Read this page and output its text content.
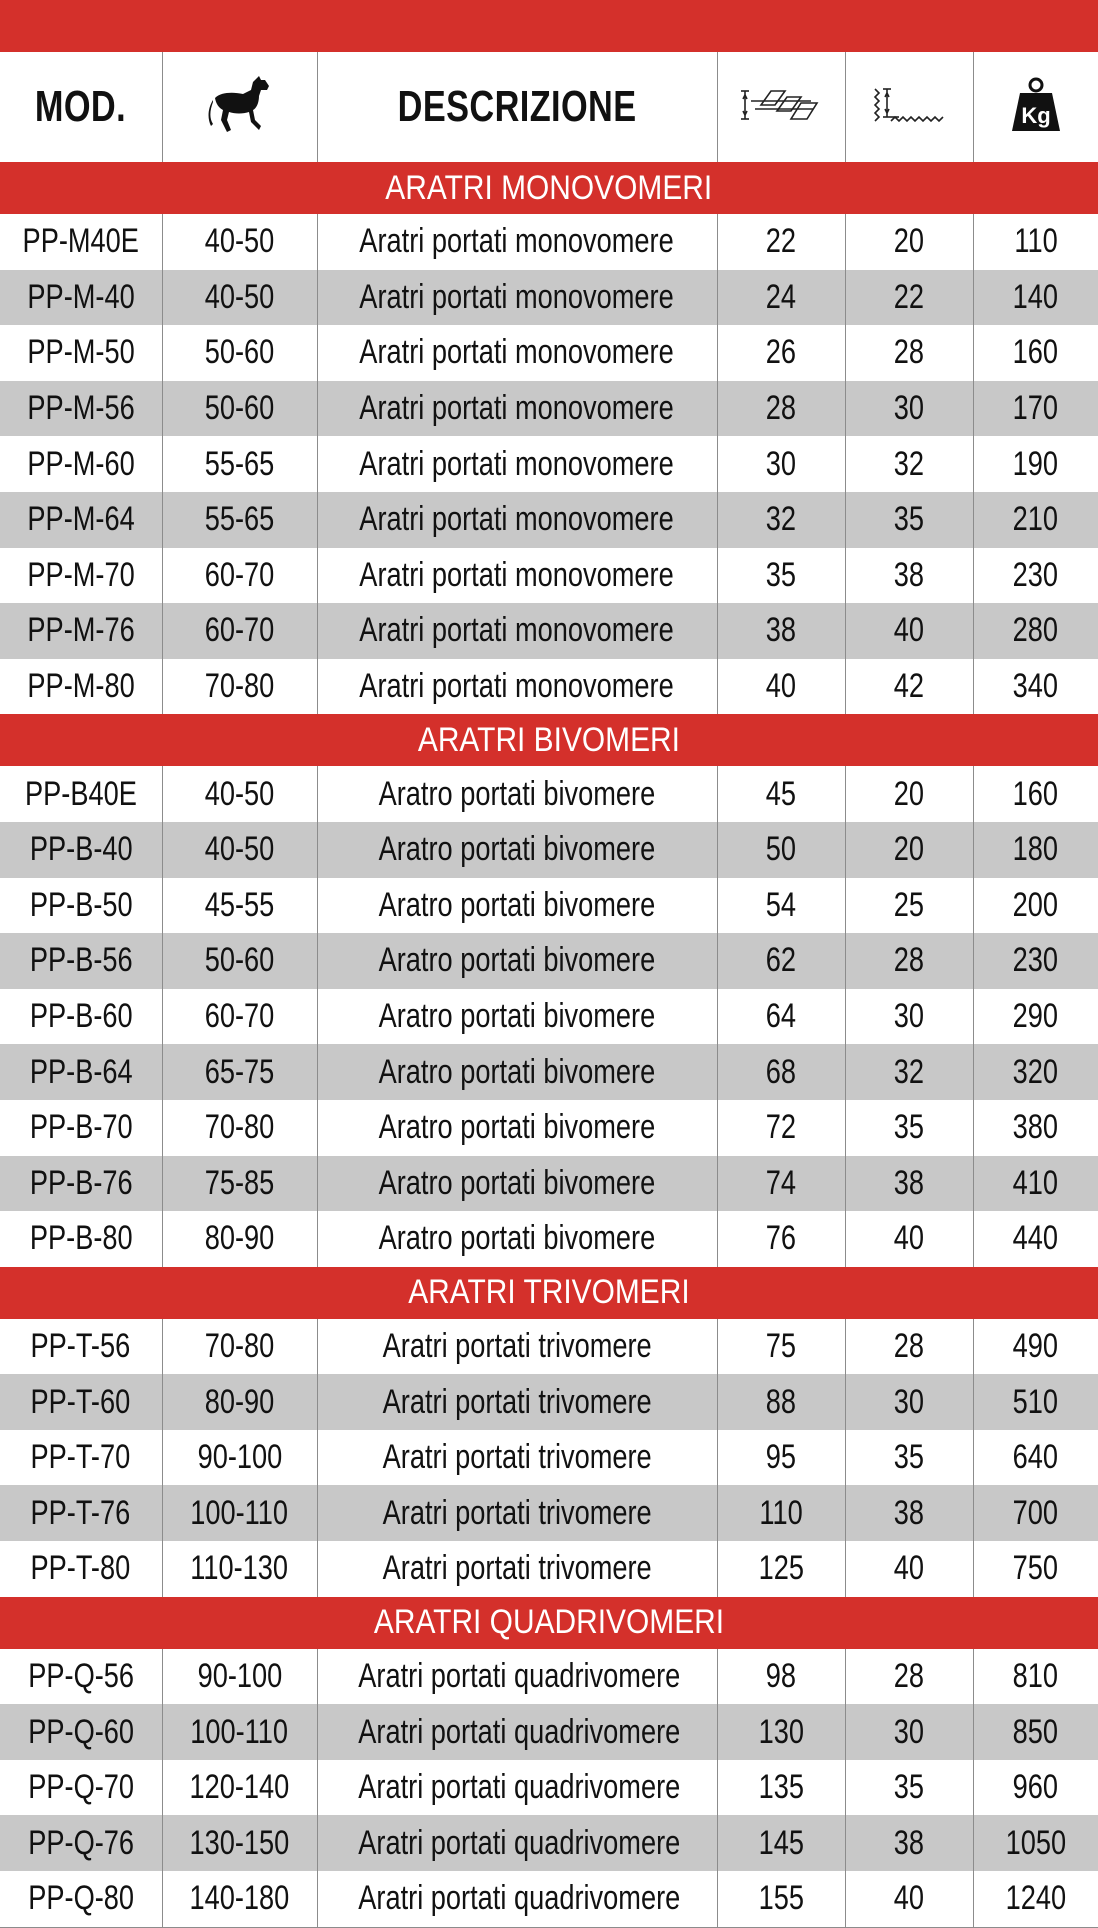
MOD.		DESCRIZIONE			Kg

ARATRI MONOVOMERI					
PP-M40E	40-50	Aratri portati monovomere	22	20	110
PP-M-40	40-50	Aratri portati monovomere	24	22	140
PP-M-50	50-60	Aratri portati monovomere	26	28	160
PP-M-56	50-60	Aratri portati monovomere	28	30	170
PP-M-60	55-65	Aratri portati monovomere	30	32	190
PP-M-64	55-65	Aratri portati monovomere	32	35	210
PP-M-70	60-70	Aratri portati monovomere	35	38	230
PP-M-76	60-70	Aratri portati monovomere	38	40	280
PP-M-80	70-80	Aratri portati monovomere	40	42	340
ARATRI BIVOMERI					
PP-B40E	40-50	Aratro portati bivomere	45	20	160
PP-B-40	40-50	Aratro portati bivomere	50	20	180
PP-B-50	45-55	Aratro portati bivomere	54	25	200
PP-B-56	50-60	Aratro portati bivomere	62	28	230
PP-B-60	60-70	Aratro portati bivomere	64	30	290
PP-B-64	65-75	Aratro portati bivomere	68	32	320
PP-B-70	70-80	Aratro portati bivomere	72	35	380
PP-B-76	75-85	Aratro portati bivomere	74	38	410
PP-B-80	80-90	Aratro portati bivomere	76	40	440
ARATRI TRIVOMERI					
PP-T-56	70-80	Aratri portati trivomere	75	28	490
PP-T-60	80-90	Aratri portati trivomere	88	30	510
PP-T-70	90-100	Aratri portati trivomere	95	35	640
PP-T-76	100-110	Aratri portati trivomere	110	38	700
PP-T-80	110-130	Aratri portati trivomere	125	40	750
ARATRI QUADRIVOMERI					
PP-Q-56	90-100	Aratri portati quadrivomere	98	28	810
PP-Q-60	100-110	Aratri portati quadrivomere	130	30	850
PP-Q-70	120-140	Aratri portati quadrivomere	135	35	960
PP-Q-76	130-150	Aratri portati quadrivomere	145	38	1050
PP-Q-80	140-180	Aratri portati quadrivomere	155	40	1240
